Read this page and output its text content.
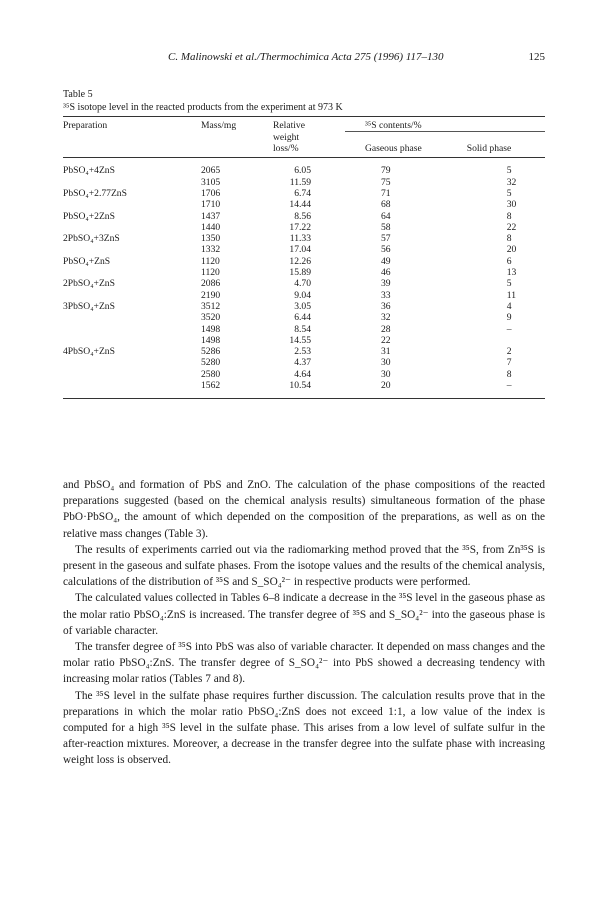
C. Malinowski et al./Thermochimica Acta 275 (1996) 117–130	125
Table 5
³⁵S isotope level in the reacted products from the experiment at 973 K
Preparation	Mass/mg	Relative	³⁵S contents/%	
		weight		
		loss/%	Gaseous phase	Solid phase
PbSO₄+4ZnS	2065	6.05	79	5
	3105	11.59	75	32
PbSO₄+2.77ZnS	1706	6.74	71	5
	1710	14.44	68	30
PbSO₄+2ZnS	1437	8.56	64	8
	1440	17.22	58	22
2PbSO₄+3ZnS	1350	11.33	57	8
	1332	17.04	56	20
PbSO₄+ZnS	1120	12.26	49	6
	1120	15.89	46	13
2PbSO₄+ZnS	2086	4.70	39	5
	2190	9.04	33	11
3PbSO₄+ZnS	3512	3.05	36	4
	3520	6.44	32	9
	1498	8.54	28	–
	1498	14.55	22	
4PbSO₄+ZnS	5286	2.53	31	2
	5280	4.37	30	7
	2580	4.64	30	8
	1562	10.54	20	–

and PbSO₄ and formation of PbS and ZnO. The calculation of the phase compositions of the reacted preparations suggested (based on the chemical analysis results) simultaneous formation of the phase PbO·PbSO₄, the amount of which depended on the composition of the preparations, as well as on the relative mass changes (Table 3).

The results of experiments carried out via the radiomarking method proved that the ³⁵S, from Zn³⁵S is present in the gaseous and sulfate phases. From the isotope values and the results of the chemical analysis, calculations of the distribution of ³⁵S and S_SO₄²⁻ in respective products were performed.

The calculated values collected in Tables 6–8 indicate a decrease in the ³⁵S level in the gaseous phase as the molar ratio PbSO₄:ZnS is increased. The transfer degree of ³⁵S and S_SO₄²⁻ into the gaseous phase is of variable character.

The transfer degree of ³⁵S into PbS was also of variable character. It depended on mass changes and the molar ratio PbSO₄:ZnS. The transfer degree of S_SO₄²⁻ into PbS showed a decreasing tendency with increasing molar ratios (Tables 7 and 8).

The ³⁵S level in the sulfate phase requires further discussion. The calculation results prove that in the preparations in which the molar ratio PbSO₄:ZnS does not exceed 1:1, a low value of the index is computed for a high ³⁵S level in the sulfate phase. This arises from a low level of sulfate sulfur in the after-reaction mixtures. Moreover, a decrease in the transfer degree into the sulfate phase with increasing weight loss is observed.
